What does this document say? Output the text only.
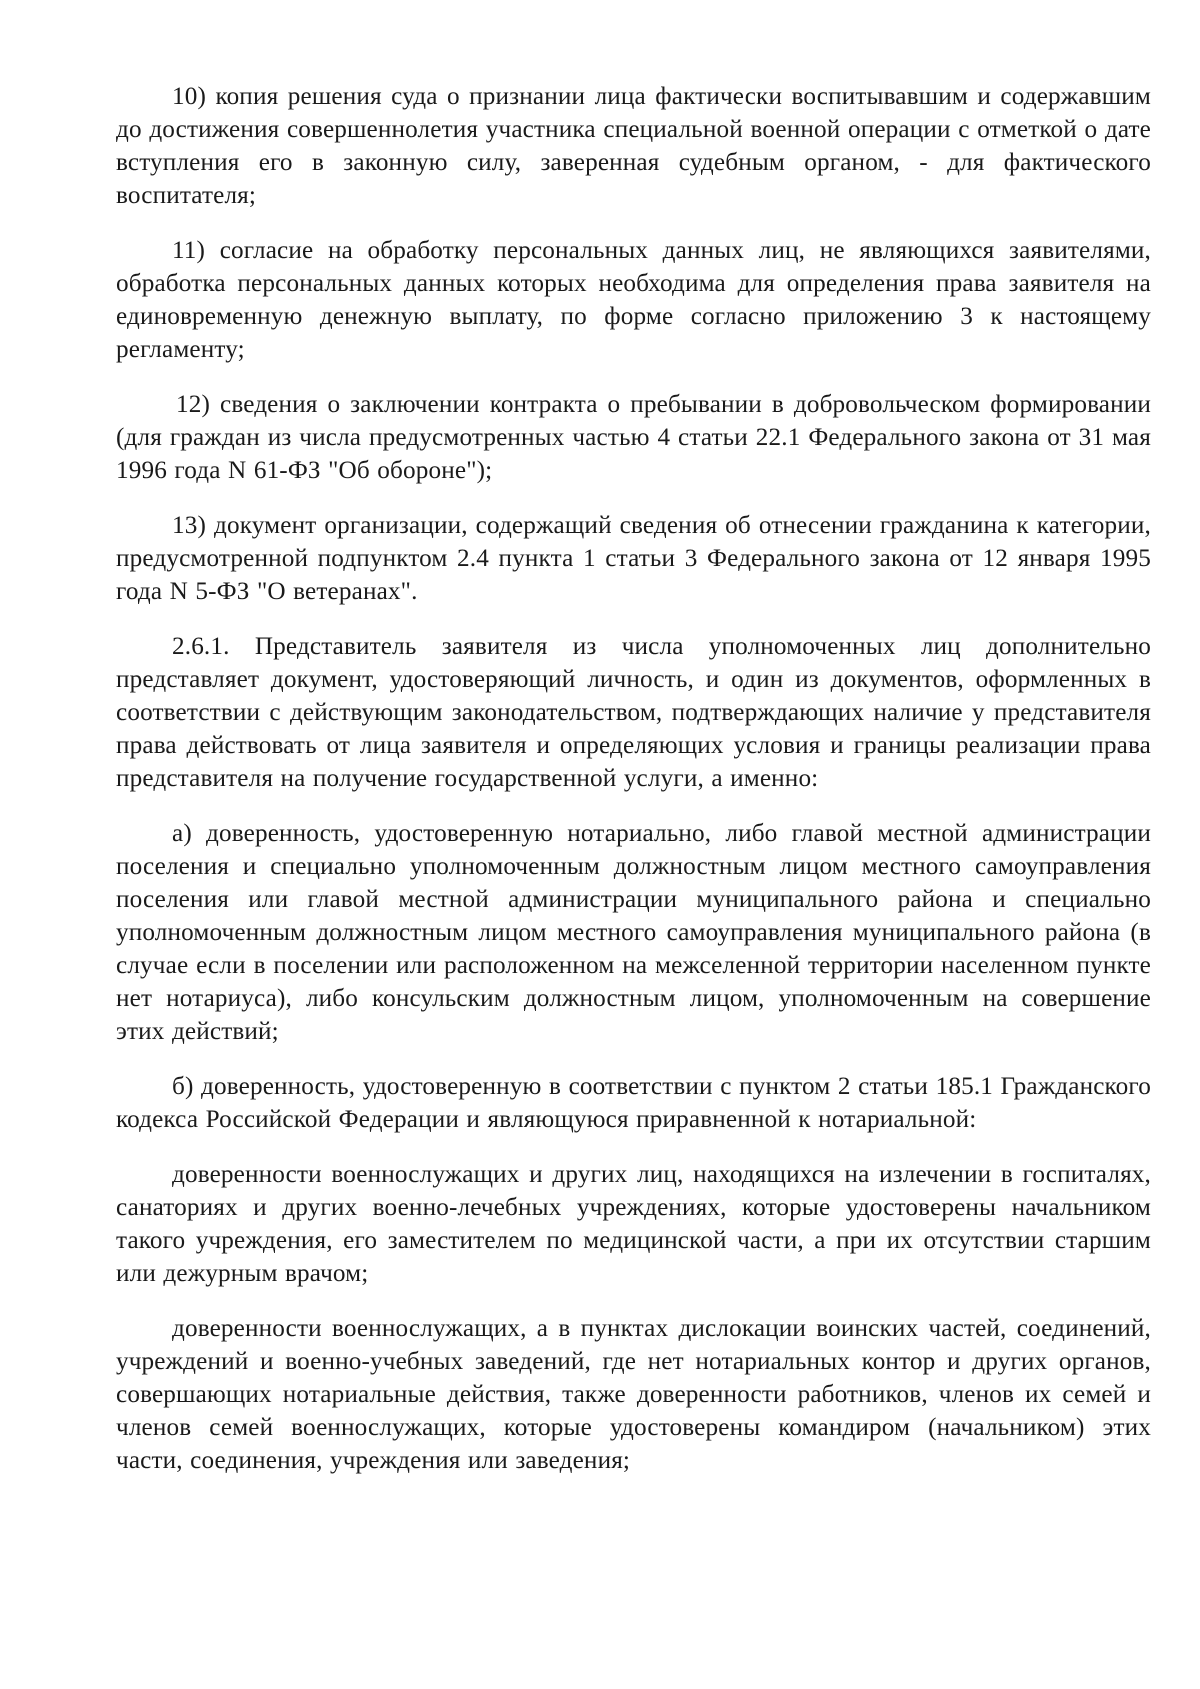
10) копия решения суда о признании лица фактически воспитывавшим и содержавшим до достижения совершеннолетия участника специальной военной операции с отметкой о дате вступления его в законную силу, заверенная судебным органом, - для фактического воспитателя;

11) согласие на обработку персональных данных лиц, не являющихся заявителями, обработка персональных данных которых необходима для определения права заявителя на единовременную денежную выплату, по форме согласно приложению 3 к настоящему регламенту;

12) сведения о заключении контракта о пребывании в добровольческом формировании (для граждан из числа предусмотренных частью 4 статьи 22.1 Федерального закона от 31 мая 1996 года N 61-ФЗ "Об обороне");

13) документ организации, содержащий сведения об отнесении гражданина к категории, предусмотренной подпунктом 2.4 пункта 1 статьи 3 Федерального закона от 12 января 1995 года N 5-ФЗ "О ветеранах".

2.6.1. Представитель заявителя из числа уполномоченных лиц дополнительно представляет документ, удостоверяющий личность, и один из документов, оформленных в соответствии с действующим законодательством, подтверждающих наличие у представителя права действовать от лица заявителя и определяющих условия и границы реализации права представителя на получение государственной услуги, а именно:

а) доверенность, удостоверенную нотариально, либо главой местной администрации поселения и специально уполномоченным должностным лицом местного самоуправления поселения или главой местной администрации муниципального района и специально уполномоченным должностным лицом местного самоуправления муниципального района (в случае если в поселении или расположенном на межселенной территории населенном пункте нет нотариуса), либо консульским должностным лицом, уполномоченным на совершение этих действий;

б) доверенность, удостоверенную в соответствии с пунктом 2 статьи 185.1 Гражданского кодекса Российской Федерации и являющуюся приравненной к нотариальной:

доверенности военнослужащих и других лиц, находящихся на излечении в госпиталях, санаториях и других военно-лечебных учреждениях, которые удостоверены начальником такого учреждения, его заместителем по медицинской части, а при их отсутствии старшим или дежурным врачом;

доверенности военнослужащих, а в пунктах дислокации воинских частей, соединений, учреждений и военно-учебных заведений, где нет нотариальных контор и других органов, совершающих нотариальные действия, также доверенности работников, членов их семей и членов семей военнослужащих, которые удостоверены командиром (начальником) этих части, соединения, учреждения или заведения;
